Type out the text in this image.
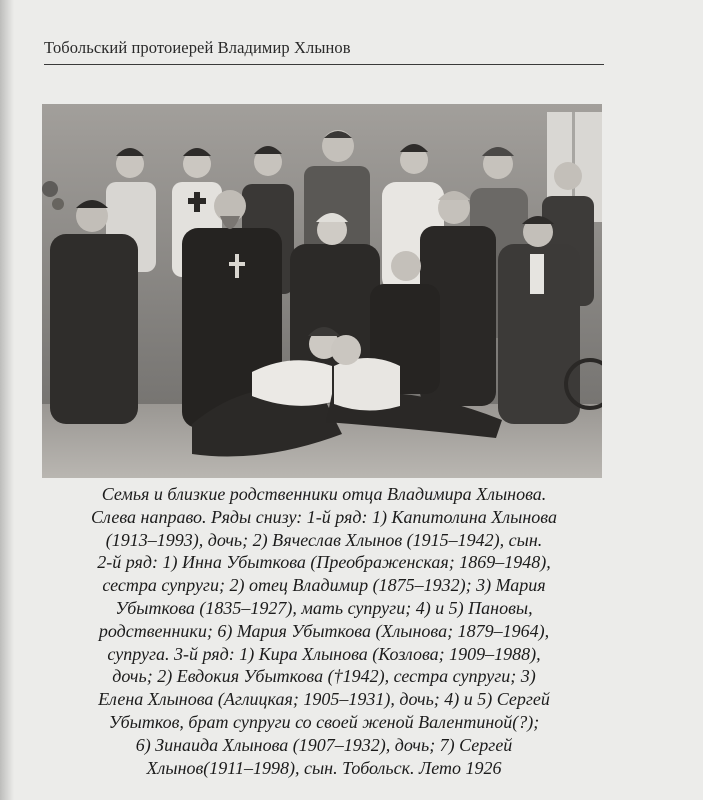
Тобольский протоиерей Владимир Хлынов
Семья и близкие родственники отца Владимира Хлынова.
Слева направо. Ряды снизу: 1-й ряд: 1) Капитолина Хлынова
(1913–1993), дочь; 2) Вячеслав Хлынов (1915–1942), сын.
2-й ряд: 1) Инна Убыткова (Преображенская; 1869–1948),
сестра супруги; 2) отец Владимир (1875–1932); 3) Мария
Убыткова (1835–1927), мать супруги; 4) и 5) Пановы,
родственники; 6) Мария Убыткова (Хлынова; 1879–1964),
супруга. 3-й ряд: 1) Кира Хлынова (Козлова; 1909–1988),
дочь; 2) Евдокия Убыткова (†1942), сестра супруги; 3)
Елена Хлынова (Аглицкая; 1905–1931), дочь; 4) и 5) Сергей
Убытков, брат супруги со своей женой Валентиной(?);
6) Зинаида Хлынова (1907–1932), дочь; 7) Сергей
Хлынов(1911–1998), сын. Тобольск. Лето 1926
